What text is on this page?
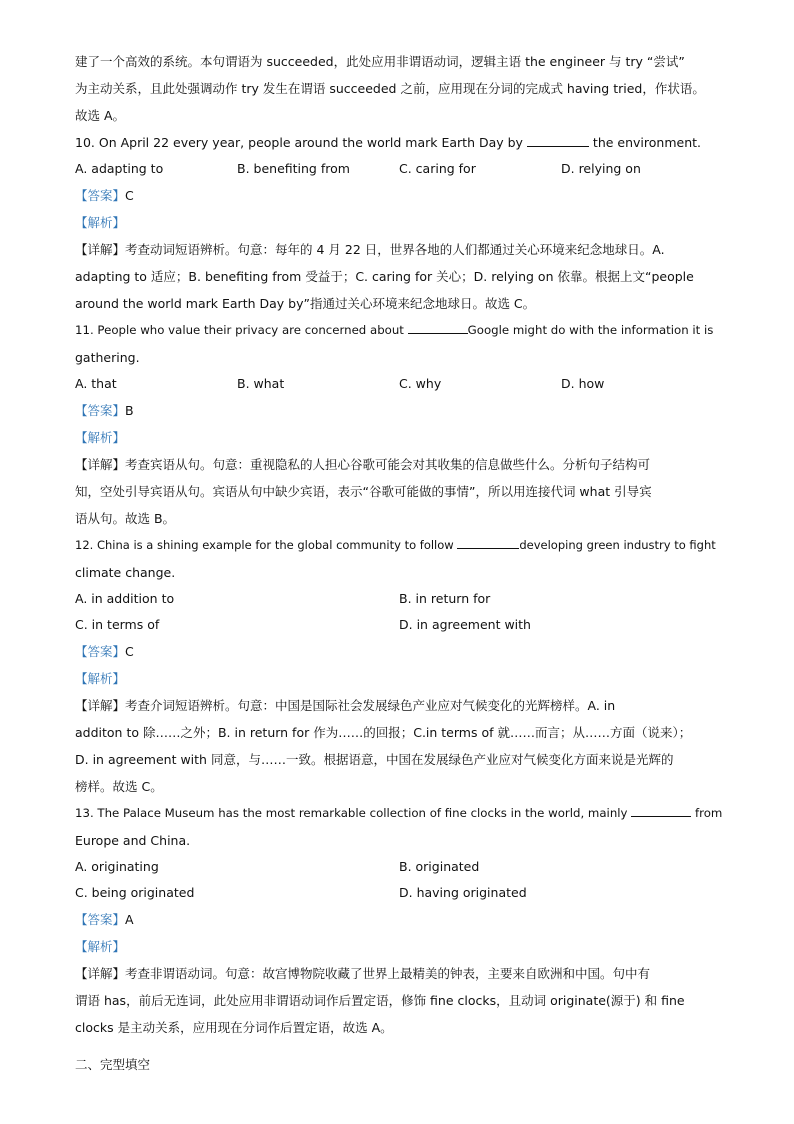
建了一个高效的系统。本句谓语为 succeeded，此处应用非谓语动词，逻辑主语 the engineer 与 try “尝试”
为主动关系，且此处强调动作 try 发生在谓语 succeeded 之前，应用现在分词的完成式 having tried，作状语。
故选 A。
10. On April 22 every year, people around the world mark Earth Day by	the environment.
A. adapting to	B. benefiting from	C. caring for	D. relying on
【答案】C
【解析】
【详解】考查动词短语辨析。句意：每年的 4 月 22 日，世界各地的人们都通过关心环境来纪念地球日。A.
adapting to 适应；B. benefiting from 受益于；C. caring for 关心；D. relying on 依靠。根据上文“people
around the world mark Earth Day by”指通过关心环境来纪念地球日。故选 C。
11. People who value their privacy are concerned about	Google might do with the information it is
gathering.
A. that	B. what	C. why	D. how
【答案】B
【解析】
【详解】考查宾语从句。句意：重视隐私的人担心谷歌可能会对其收集的信息做些什么。分析句子结构可
知，空处引导宾语从句。宾语从句中缺少宾语，表示“谷歌可能做的事情”，所以用连接代词 what 引导宾
语从句。故选 B。
12. China is a shining example for the global community to follow	developing green industry to fight
climate change.
A. in addition to	B. in return for
C. in terms of	D. in agreement with
【答案】C
【解析】
【详解】考查介词短语辨析。句意：中国是国际社会发展绿色产业应对气候变化的光辉榜样。A. in
additon to 除……之外；B. in return for 作为……的回报；C.in terms of 就……而言；从……方面（说来）；
D. in agreement with 同意，与……一致。根据语意，中国在发展绿色产业应对气候变化方面来说是光辉的
榜样。故选 C。
13. The Palace Museum has the most remarkable collection of fine clocks in the world, mainly	from
Europe and China.
A. originating	B. originated
C. being originated	D. having originated
【答案】A
【解析】
【详解】考查非谓语动词。句意：故宫博物院收藏了世界上最精美的钟表，主要来自欧洲和中国。句中有
谓语 has，前后无连词，此处应用非谓语动词作后置定语，修饰 fine clocks，且动词 originate(源于) 和 fine
clocks 是主动关系，应用现在分词作后置定语，故选 A。
二、完型填空
